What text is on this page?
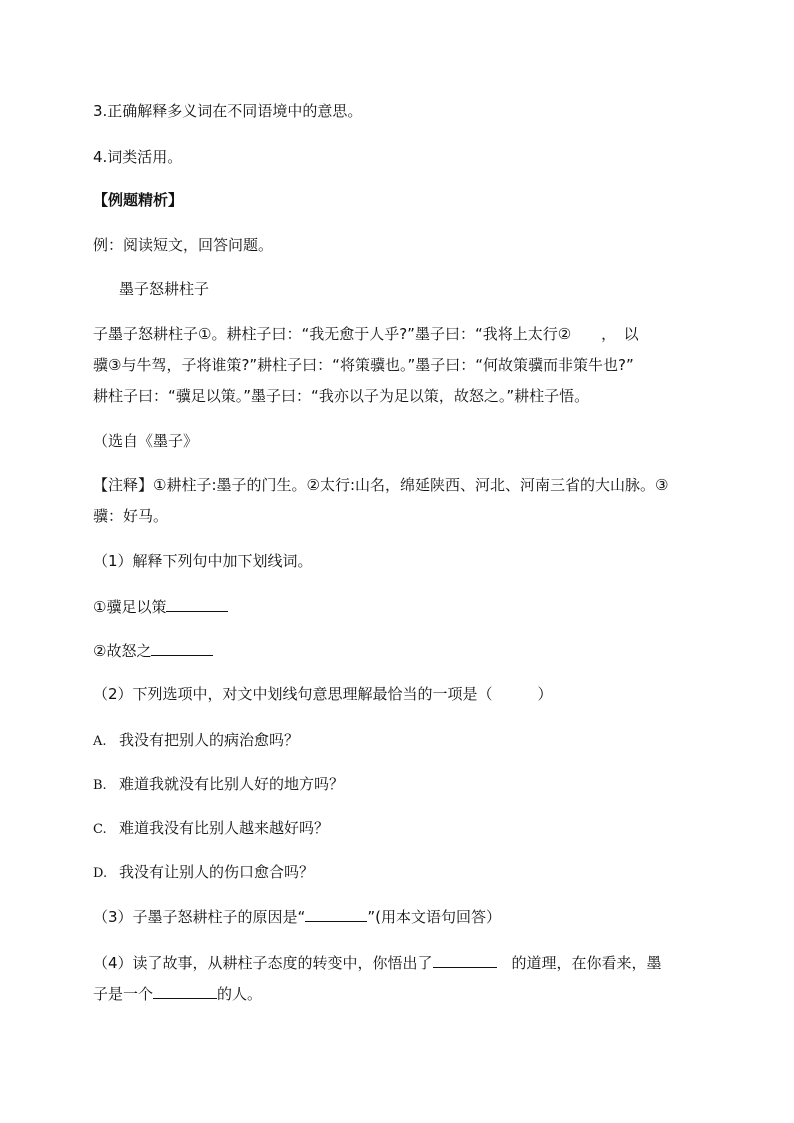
3.正确解释多义词在不同语境中的意思。
4.词类活用。
【例题精析】
例：阅读短文，回答问题。
墨子怒耕柱子
子墨子怒耕柱子①。耕柱子曰：“我无愈于人乎?”墨子曰：“我将上太行②　　，　以
骥③与牛驾，子将谁策?”耕柱子曰：“将策骥也。”墨子曰：“何故策骥而非策牛也?”
耕柱子曰：“骥足以策。”墨子曰：“我亦以子为足以策，故怒之。”耕柱子悟。
（选自《墨子》
【注释】①耕柱子:墨子的门生。②太行:山名，绵延陕西、河北、河南三省的大山脉。③
骥：好马。
（1）解释下列句中加下划线词。
①骥足以策
②故怒之
（2）下列选项中，对文中划线句意思理解最恰当的一项是（　　　）
A. 我没有把别人的病治愈吗？
B. 难道我就没有比别人好的地方吗？
C. 难道我没有比别人越来越好吗？
D. 我没有让别人的伤口愈合吗？
（3）子墨子怒耕柱子的原因是“	”(用本文语句回答）
（4）读了故事，从耕柱子态度的转变中，你悟出了	　的道理，在你看来，墨
子是一个	的人。
